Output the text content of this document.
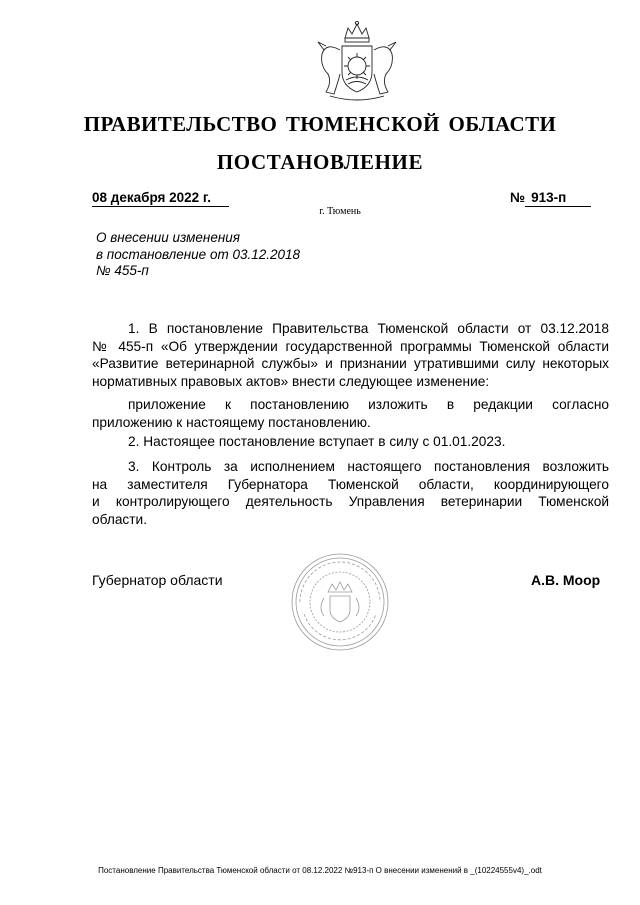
ПРАВИТЕЛЬСТВО ТЮМЕНСКОЙ ОБЛАСТИ
ПОСТАНОВЛЕНИЕ
08 декабря 2022 г.	№ 913-п
г. Тюмень
О внесении изменения
в постановление от 03.12.2018
№ 455-п
1. В постановление Правительства Тюменской области от 03.12.2018
№ 455-п «Об утверждении государственной программы Тюменской области
«Развитие ветеринарной службы» и признании утратившими силу некоторых
нормативных правовых актов» внести следующее изменение:
приложение к постановлению изложить в редакции согласно
приложению к настоящему постановлению.
2. Настоящее постановление вступает в силу с 01.01.2023.
3. Контроль за исполнением настоящего постановления возложить
на заместителя Губернатора Тюменской области, координирующего
и контролирующего деятельность Управления ветеринарии Тюменской
области.
Губернатор области	А.В. Моор
Постановление Правительства Тюменской области от 08.12.2022 №913-п О внесении изменений в _(10224555v4)_.odt
